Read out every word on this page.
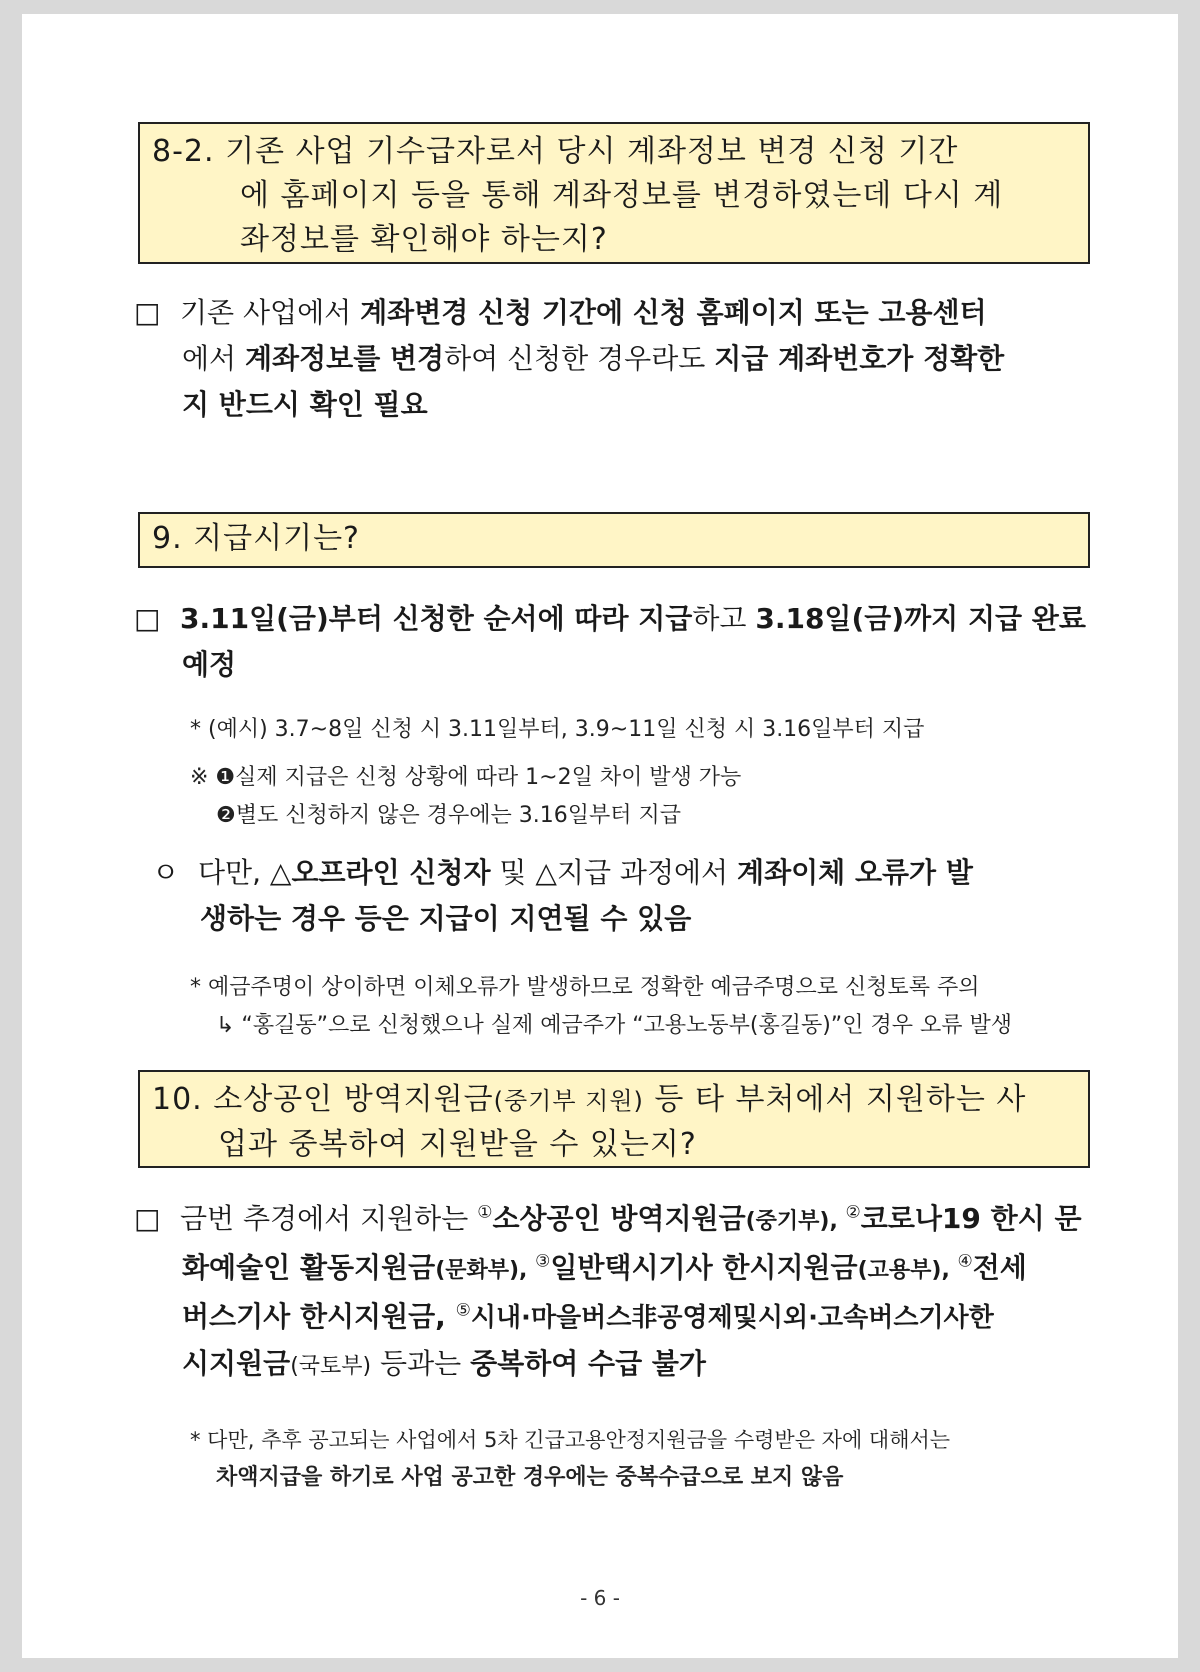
8-2. 기존 사업 기수급자로서 당시 계좌정보 변경 신청 기간
에 홈페이지 등을 통해 계좌정보를 변경하였는데 다시 계
좌정보를 확인해야 하는지?
□ 기존 사업에서 계좌변경 신청 기간에 신청 홈페이지 또는 고용센터
에서 계좌정보를 변경하여 신청한 경우라도 지급 계좌번호가 정확한
지 반드시 확인 필요
9. 지급시기는?
□ 3.11일(금)부터 신청한 순서에 따라 지급하고 3.18일(금)까지 지급 완료
예정
* (예시) 3.7~8일 신청 시 3.11일부터, 3.9~11일 신청 시 3.16일부터 지급
※ ❶실제 지급은 신청 상황에 따라 1~2일 차이 발생 가능
❷별도 신청하지 않은 경우에는 3.16일부터 지급
ㅇ 다만, △오프라인 신청자 및 △지급 과정에서 계좌이체 오류가 발
생하는 경우 등은 지급이 지연될 수 있음
* 예금주명이 상이하면 이체오류가 발생하므로 정확한 예금주명으로 신청토록 주의
↳ “홍길동”으로 신청했으나 실제 예금주가 “고용노동부(홍길동)”인 경우 오류 발생
10. 소상공인 방역지원금(중기부 지원) 등 타 부처에서 지원하는 사
업과 중복하여 지원받을 수 있는지?
□ 금번 추경에서 지원하는 ①소상공인 방역지원금(중기부), ②코로나19 한시 문
화예술인 활동지원금(문화부), ③일반택시기사 한시지원금(고용부), ④전세
버스기사 한시지원금, ⑤시내·마을버스非공영제및시외·고속버스기사한
시지원금(국토부) 등과는 중복하여 수급 불가
* 다만, 추후 공고되는 사업에서 5차 긴급고용안정지원금을 수령받은 자에 대해서는
차액지급을 하기로 사업 공고한 경우에는 중복수급으로 보지 않음
- 6 -
